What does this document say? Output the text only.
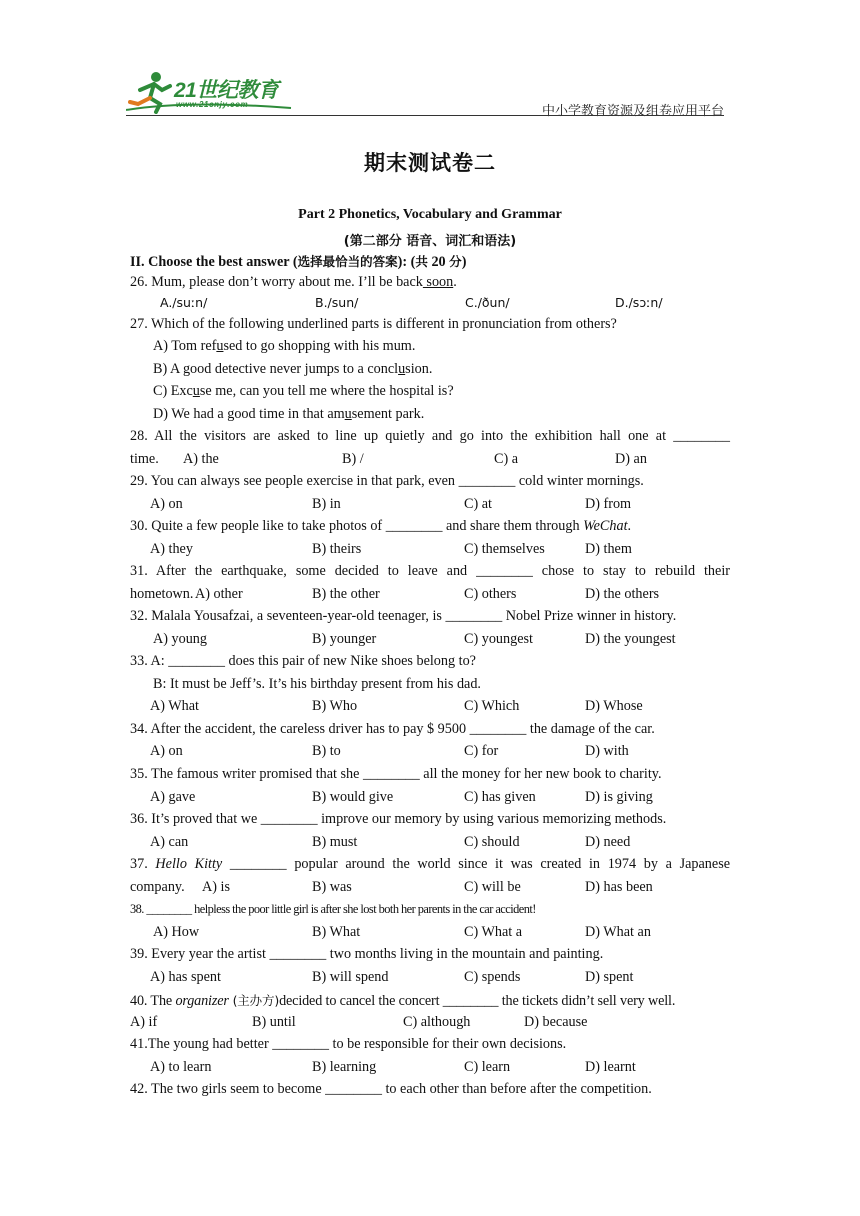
21世纪教育
www.21cnjy.com	中小学教育资源及组卷应用平台
期末测试卷二
Part 2 Phonetics, Vocabulary and Grammar
(第二部分 语音、词汇和语法)
II. Choose the best answer (选择最恰当的答案): (共 20 分)
26. Mum, please don’t worry about me. I’ll be back soon.
A./suːn/	B./sun/	C./ðun/	D./sɔːn/
27. Which of the following underlined parts is different in pronunciation from others?
A) Tom refused to go shopping with his mum.
B) A good detective never jumps to a conclusion.
C) Excuse me, can you tell me where the hospital is?
D) We had a good time in that amusement park.
28. All the visitors are asked to line up quietly and go into the exhibition hall one at ________
time. A) the	B) /	C) a	D) an
29. You can always see people exercise in that park, even ________ cold winter mornings.
A) on	B) in	C) at	D) from
30. Quite a few people like to take photos of ________ and share them through WeChat.
A) they	B) theirs	C) themselves	D) them
31. After the earthquake, some decided to leave and ________ chose to stay to rebuild their
hometown. A) other	B) the other	C) others	D) the others
32. Malala Yousafzai, a seventeen-year-old teenager, is ________ Nobel Prize winner in history.
A) young	B) younger	C) youngest	D) the youngest
33. A: ________ does this pair of new Nike shoes belong to?
B: It must be Jeff’s. It’s his birthday present from his dad.
A) What	B) Who	C) Which	D) Whose
34. After the accident, the careless driver has to pay $ 9500 ________ the damage of the car.
A) on	B) to	C) for	D) with
35. The famous writer promised that she ________ all the money for her new book to charity.
A) gave	B) would give	C) has given	D) is giving
36. It’s proved that we ________ improve our memory by using various memorizing methods.
A) can	B) must	C) should	D) need
37. Hello Kitty ________ popular around the world since it was created in 1974 by a Japanese
company. A) is	B) was	C) will be	D) has been
38. ________ helpless the poor little girl is after she lost both her parents in the car accident!
A) How	B) What	C) What a	D) What an
39. Every year the artist ________ two months living in the mountain and painting.
A) has spent	B) will spend	C) spends	D) spent
40. The organizer (主办方)decided to cancel the concert ________ the tickets didn’t sell very well.
A) if	B) until	C) although	D) because
41.The young had better ________ to be responsible for their own decisions.
A) to learn	B) learning	C) learn	D) learnt
42. The two girls seem to become ________ to each other than before after the competition.
